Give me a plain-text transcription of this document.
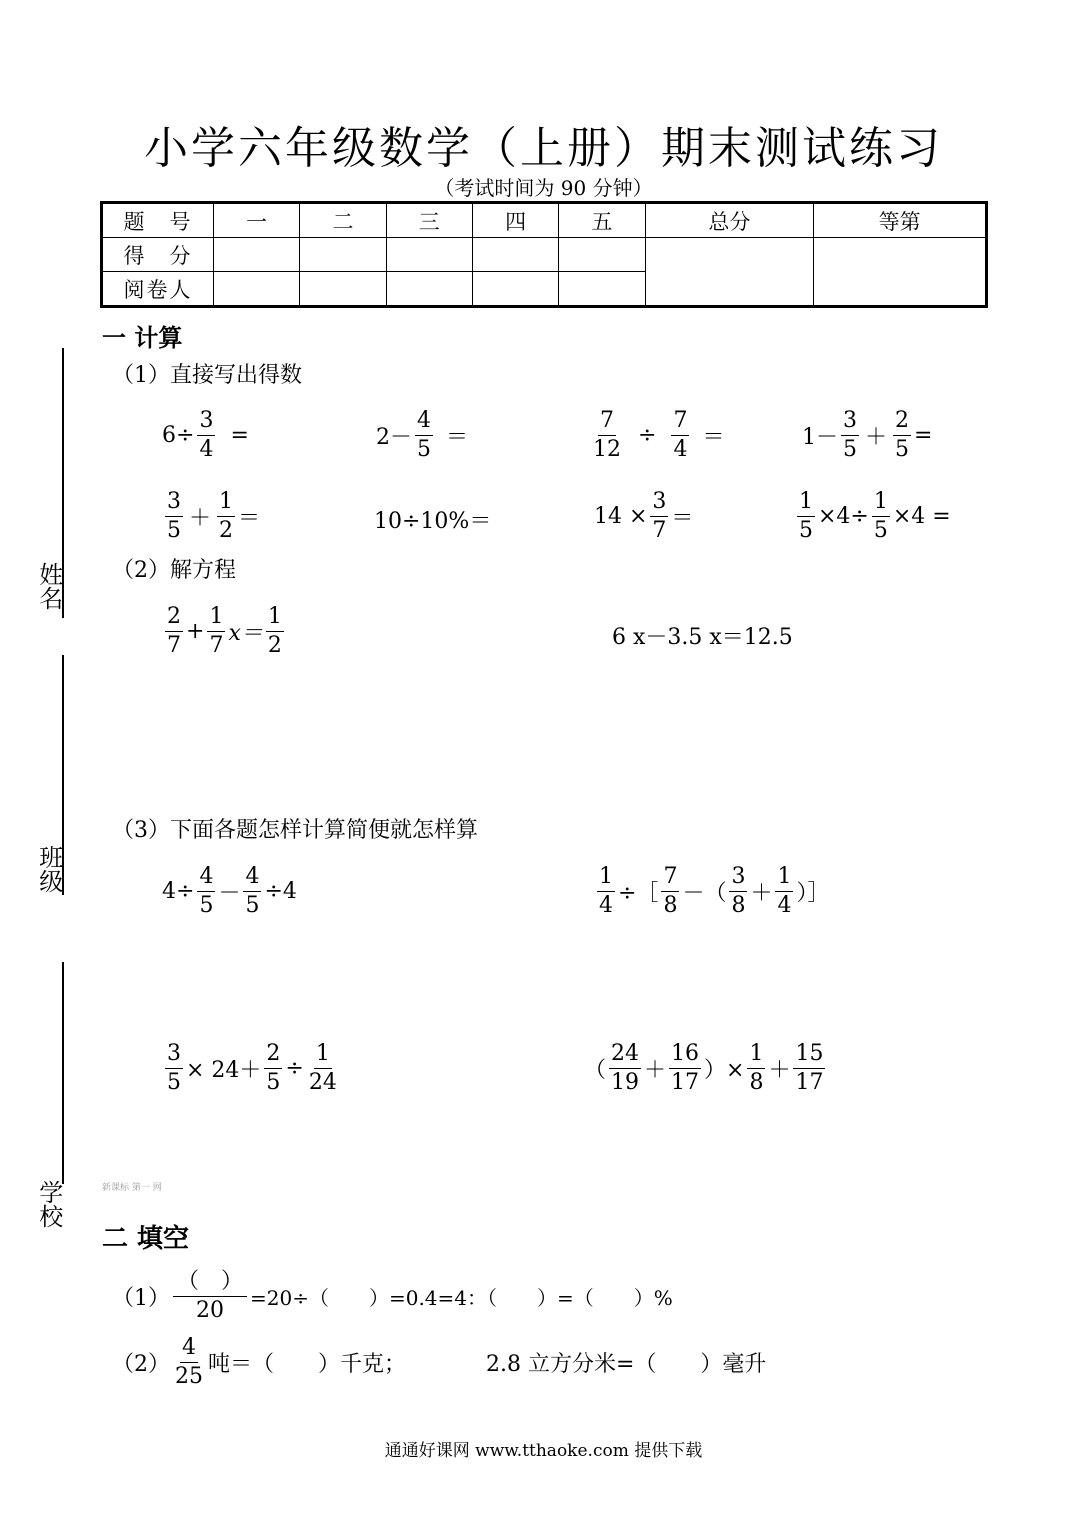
小学六年级数学（上册）期末测试练习
（考试时间为 90 分钟）
题　号	一	二	三	四	五	总分	等第
得　分							
阅卷人							
姓名
班级
学校
一 计算
（1）直接写出得数
$6\div \frac{3}{4}$ =	$2- \frac{4}{5}$ ＝	$\frac{7}{12} \div \frac{7}{4}$ ＝	$1- \frac{3}{5} + \frac{2}{5}$ =
$\frac{3}{5} + \frac{1}{2}$ ＝	10÷10%＝	$14 \times \frac{3}{7}$ ＝	$\frac{1}{5} \times 4\div \frac{1}{5} \times 4$ =
（2）解方程
$\frac{2}{7} + \frac{1}{7} x= \frac{1}{2}$	6 x－3.5 x＝12.5
（3）下面各题怎样计算简便就怎样算
$4\div \frac{4}{5} - \frac{4}{5} \div 4$	$\frac{1}{4}$ ÷［ $\frac{7}{8}$ －（ $\frac{3}{8} + \frac{1}{4}$ ）］
$\frac{3}{5} \times 24+ \frac{2}{5} \div \frac{1}{24}$	（ $\frac{24}{19} + \frac{16}{17}$ ）× $\frac{1}{8} + \frac{15}{17}$
新课标 第一 网
二 填空
$(1) \frac{( )}{20} =20\div$（　　）=0.4=4：（　　）=（　　）%
$(2) \frac{4}{25}$ 吨＝（　　）千克；	2.8 立方分米=（　　）毫升
通通好课网 www.tthaoke.com 提供下载
